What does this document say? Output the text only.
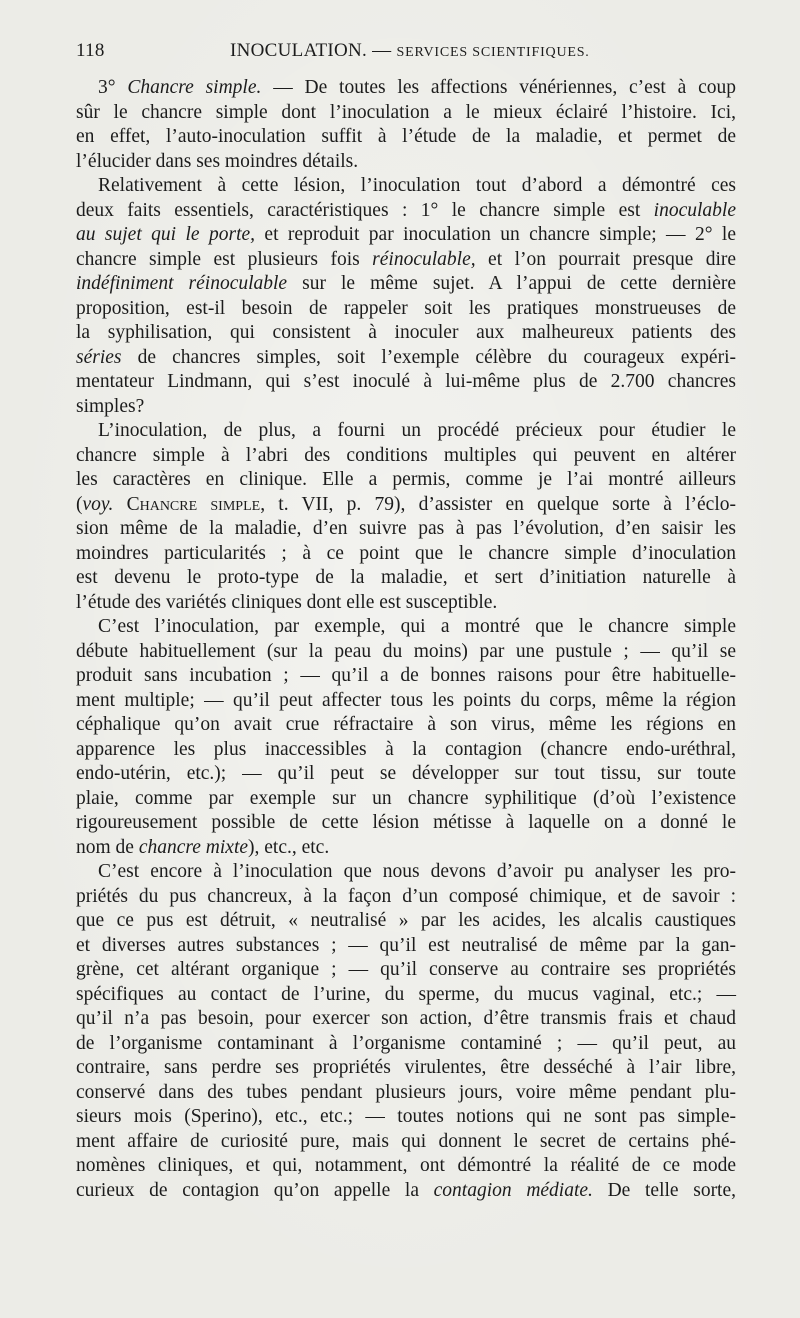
118	INOCULATION. — SERVICES SCIENTIFIQUES.
3° Chancre simple. — De toutes les affections vénériennes, c’est à coup
sûr le chancre simple dont l’inoculation a le mieux éclairé l’histoire. Ici,
en effet, l’auto-inoculation suffit à l’étude de la maladie, et permet de
l’élucider dans ses moindres détails.
Relativement à cette lésion, l’inoculation tout d’abord a démontré ces
deux faits essentiels, caractéristiques : 1° le chancre simple est inoculable
au sujet qui le porte, et reproduit par inoculation un chancre simple; — 2° le
chancre simple est plusieurs fois réinoculable, et l’on pourrait presque dire
indéfiniment réinoculable sur le même sujet. A l’appui de cette dernière
proposition, est-il besoin de rappeler soit les pratiques monstrueuses de
la syphilisation, qui consistent à inoculer aux malheureux patients des
séries de chancres simples, soit l’exemple célèbre du courageux expéri-
mentateur Lindmann, qui s’est inoculé à lui-même plus de 2.700 chancres
simples?
L’inoculation, de plus, a fourni un procédé précieux pour étudier le
chancre simple à l’abri des conditions multiples qui peuvent en altérer
les caractères en clinique. Elle a permis, comme je l’ai montré ailleurs
(voy. Chancre simple, t. VII, p. 79), d’assister en quelque sorte à l’éclo-
sion même de la maladie, d’en suivre pas à pas l’évolution, d’en saisir les
moindres particularités ; à ce point que le chancre simple d’inoculation
est devenu le proto-type de la maladie, et sert d’initiation naturelle à
l’étude des variétés cliniques dont elle est susceptible.
C’est l’inoculation, par exemple, qui a montré que le chancre simple
débute habituellement (sur la peau du moins) par une pustule ; — qu’il se
produit sans incubation ; — qu’il a de bonnes raisons pour être habituelle-
ment multiple; — qu’il peut affecter tous les points du corps, même la région
céphalique qu’on avait crue réfractaire à son virus, même les régions en
apparence les plus inaccessibles à la contagion (chancre endo-uréthral,
endo-utérin, etc.); — qu’il peut se développer sur tout tissu, sur toute
plaie, comme par exemple sur un chancre syphilitique (d’où l’existence
rigoureusement possible de cette lésion métisse à laquelle on a donné le
nom de chancre mixte), etc., etc.
C’est encore à l’inoculation que nous devons d’avoir pu analyser les pro-
priétés du pus chancreux, à la façon d’un composé chimique, et de savoir :
que ce pus est détruit, « neutralisé » par les acides, les alcalis caustiques
et diverses autres substances ; — qu’il est neutralisé de même par la gan-
grène, cet altérant organique ; — qu’il conserve au contraire ses propriétés
spécifiques au contact de l’urine, du sperme, du mucus vaginal, etc.; —
qu’il n’a pas besoin, pour exercer son action, d’être transmis frais et chaud
de l’organisme contaminant à l’organisme contaminé ; — qu’il peut, au
contraire, sans perdre ses propriétés virulentes, être desséché à l’air libre,
conservé dans des tubes pendant plusieurs jours, voire même pendant plu-
sieurs mois (Sperino), etc., etc.; — toutes notions qui ne sont pas simple-
ment affaire de curiosité pure, mais qui donnent le secret de certains phé-
nomènes cliniques, et qui, notamment, ont démontré la réalité de ce mode
curieux de contagion qu’on appelle la contagion médiate. De telle sorte,
